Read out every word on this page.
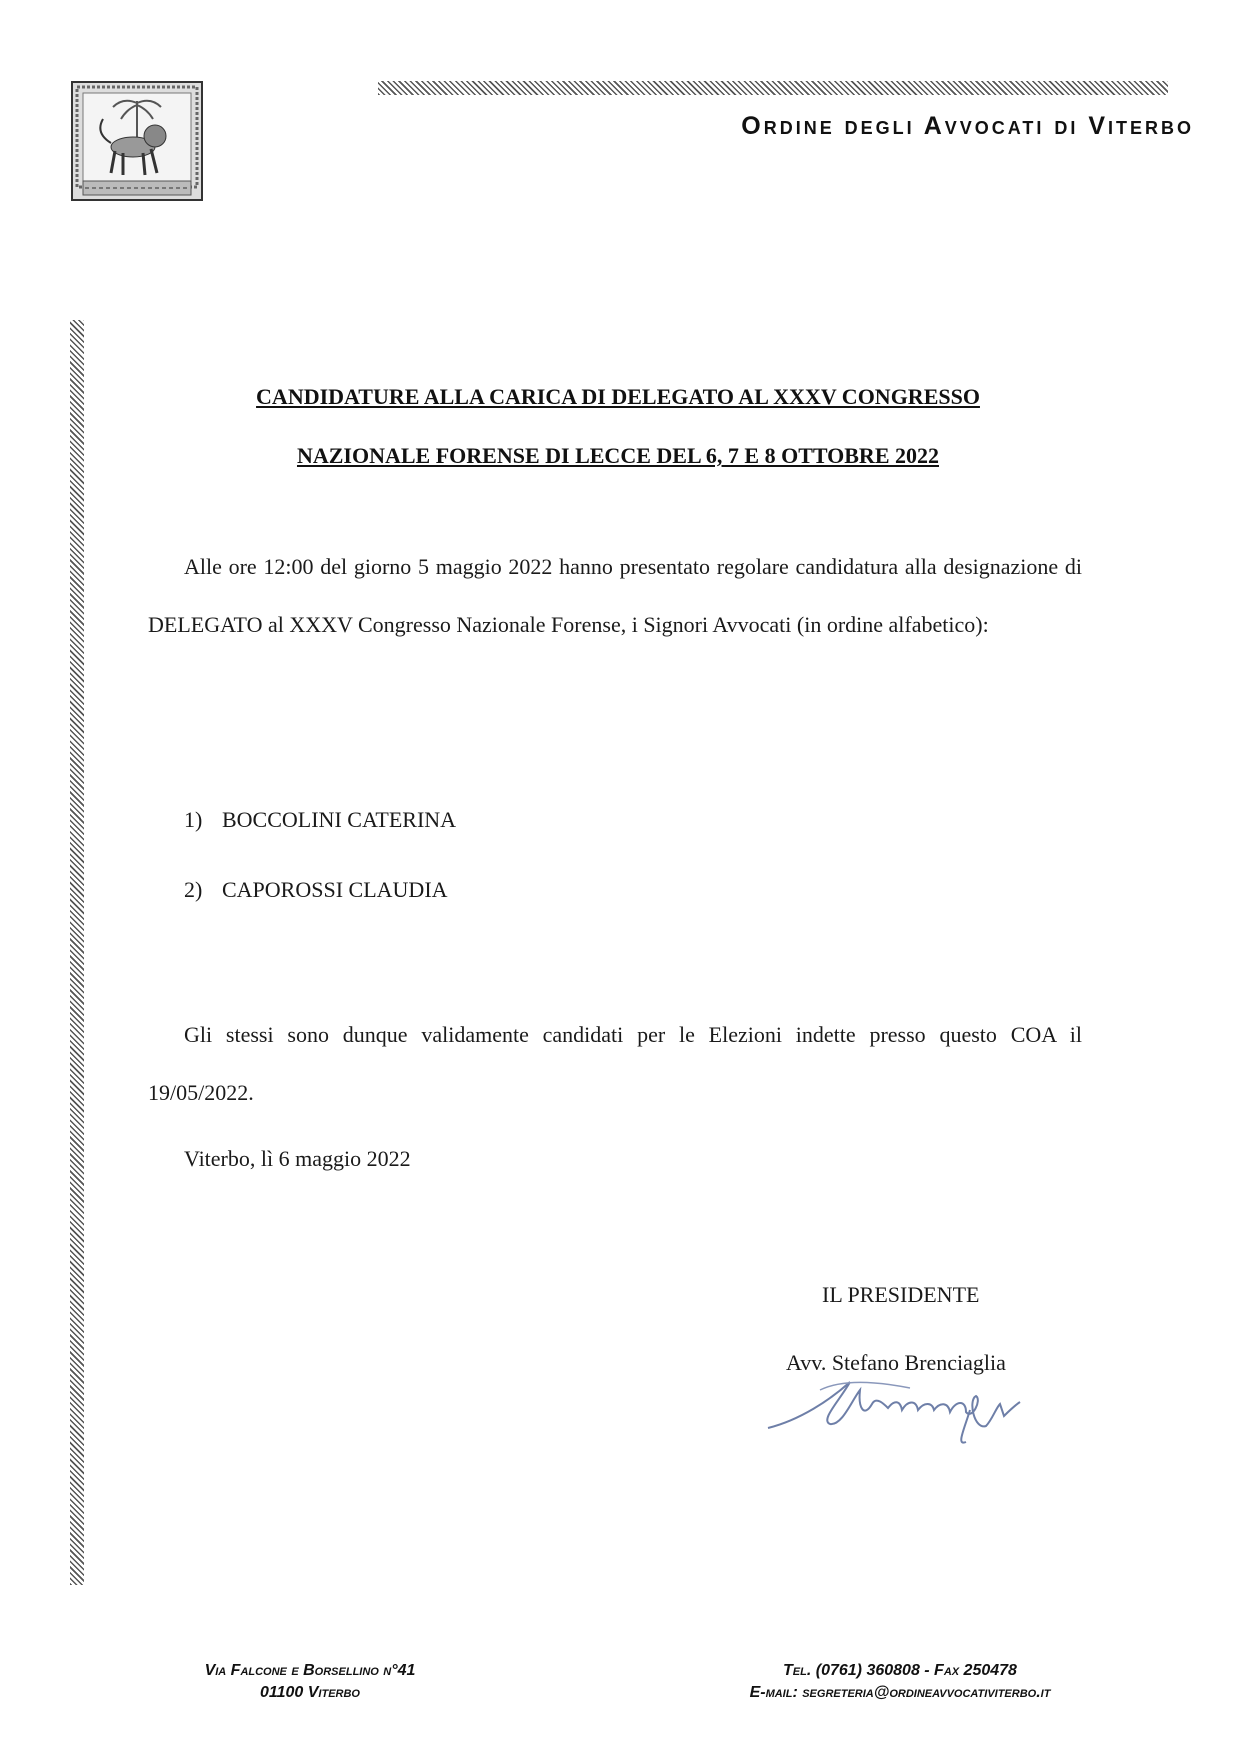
Ordine degli Avvocati di Viterbo
CANDIDATURE ALLA CARICA DI DELEGATO AL XXXV CONGRESSO
NAZIONALE FORENSE DI LECCE DEL 6, 7 E 8 OTTOBRE 2022

Alle ore 12:00 del giorno 5 maggio 2022 hanno presentato regolare candidatura alla designazione di DELEGATO al XXXV Congresso Nazionale Forense, i Signori Avvocati (in ordine alfabetico):

1) BOCCOLINI CATERINA
2) CAPOROSSI CLAUDIA

Gli stessi sono dunque validamente candidati per le Elezioni indette presso questo COA il 19/05/2022.

Viterbo, lì 6 maggio 2022
IL PRESIDENTE
Avv. Stefano Brenciaglia
Via Falcone e Borsellino n°41
01100 Viterbo
Tel. (0761) 360808 - Fax 250478
E-mail: segreteria@ordineavvocativiterbo.it
